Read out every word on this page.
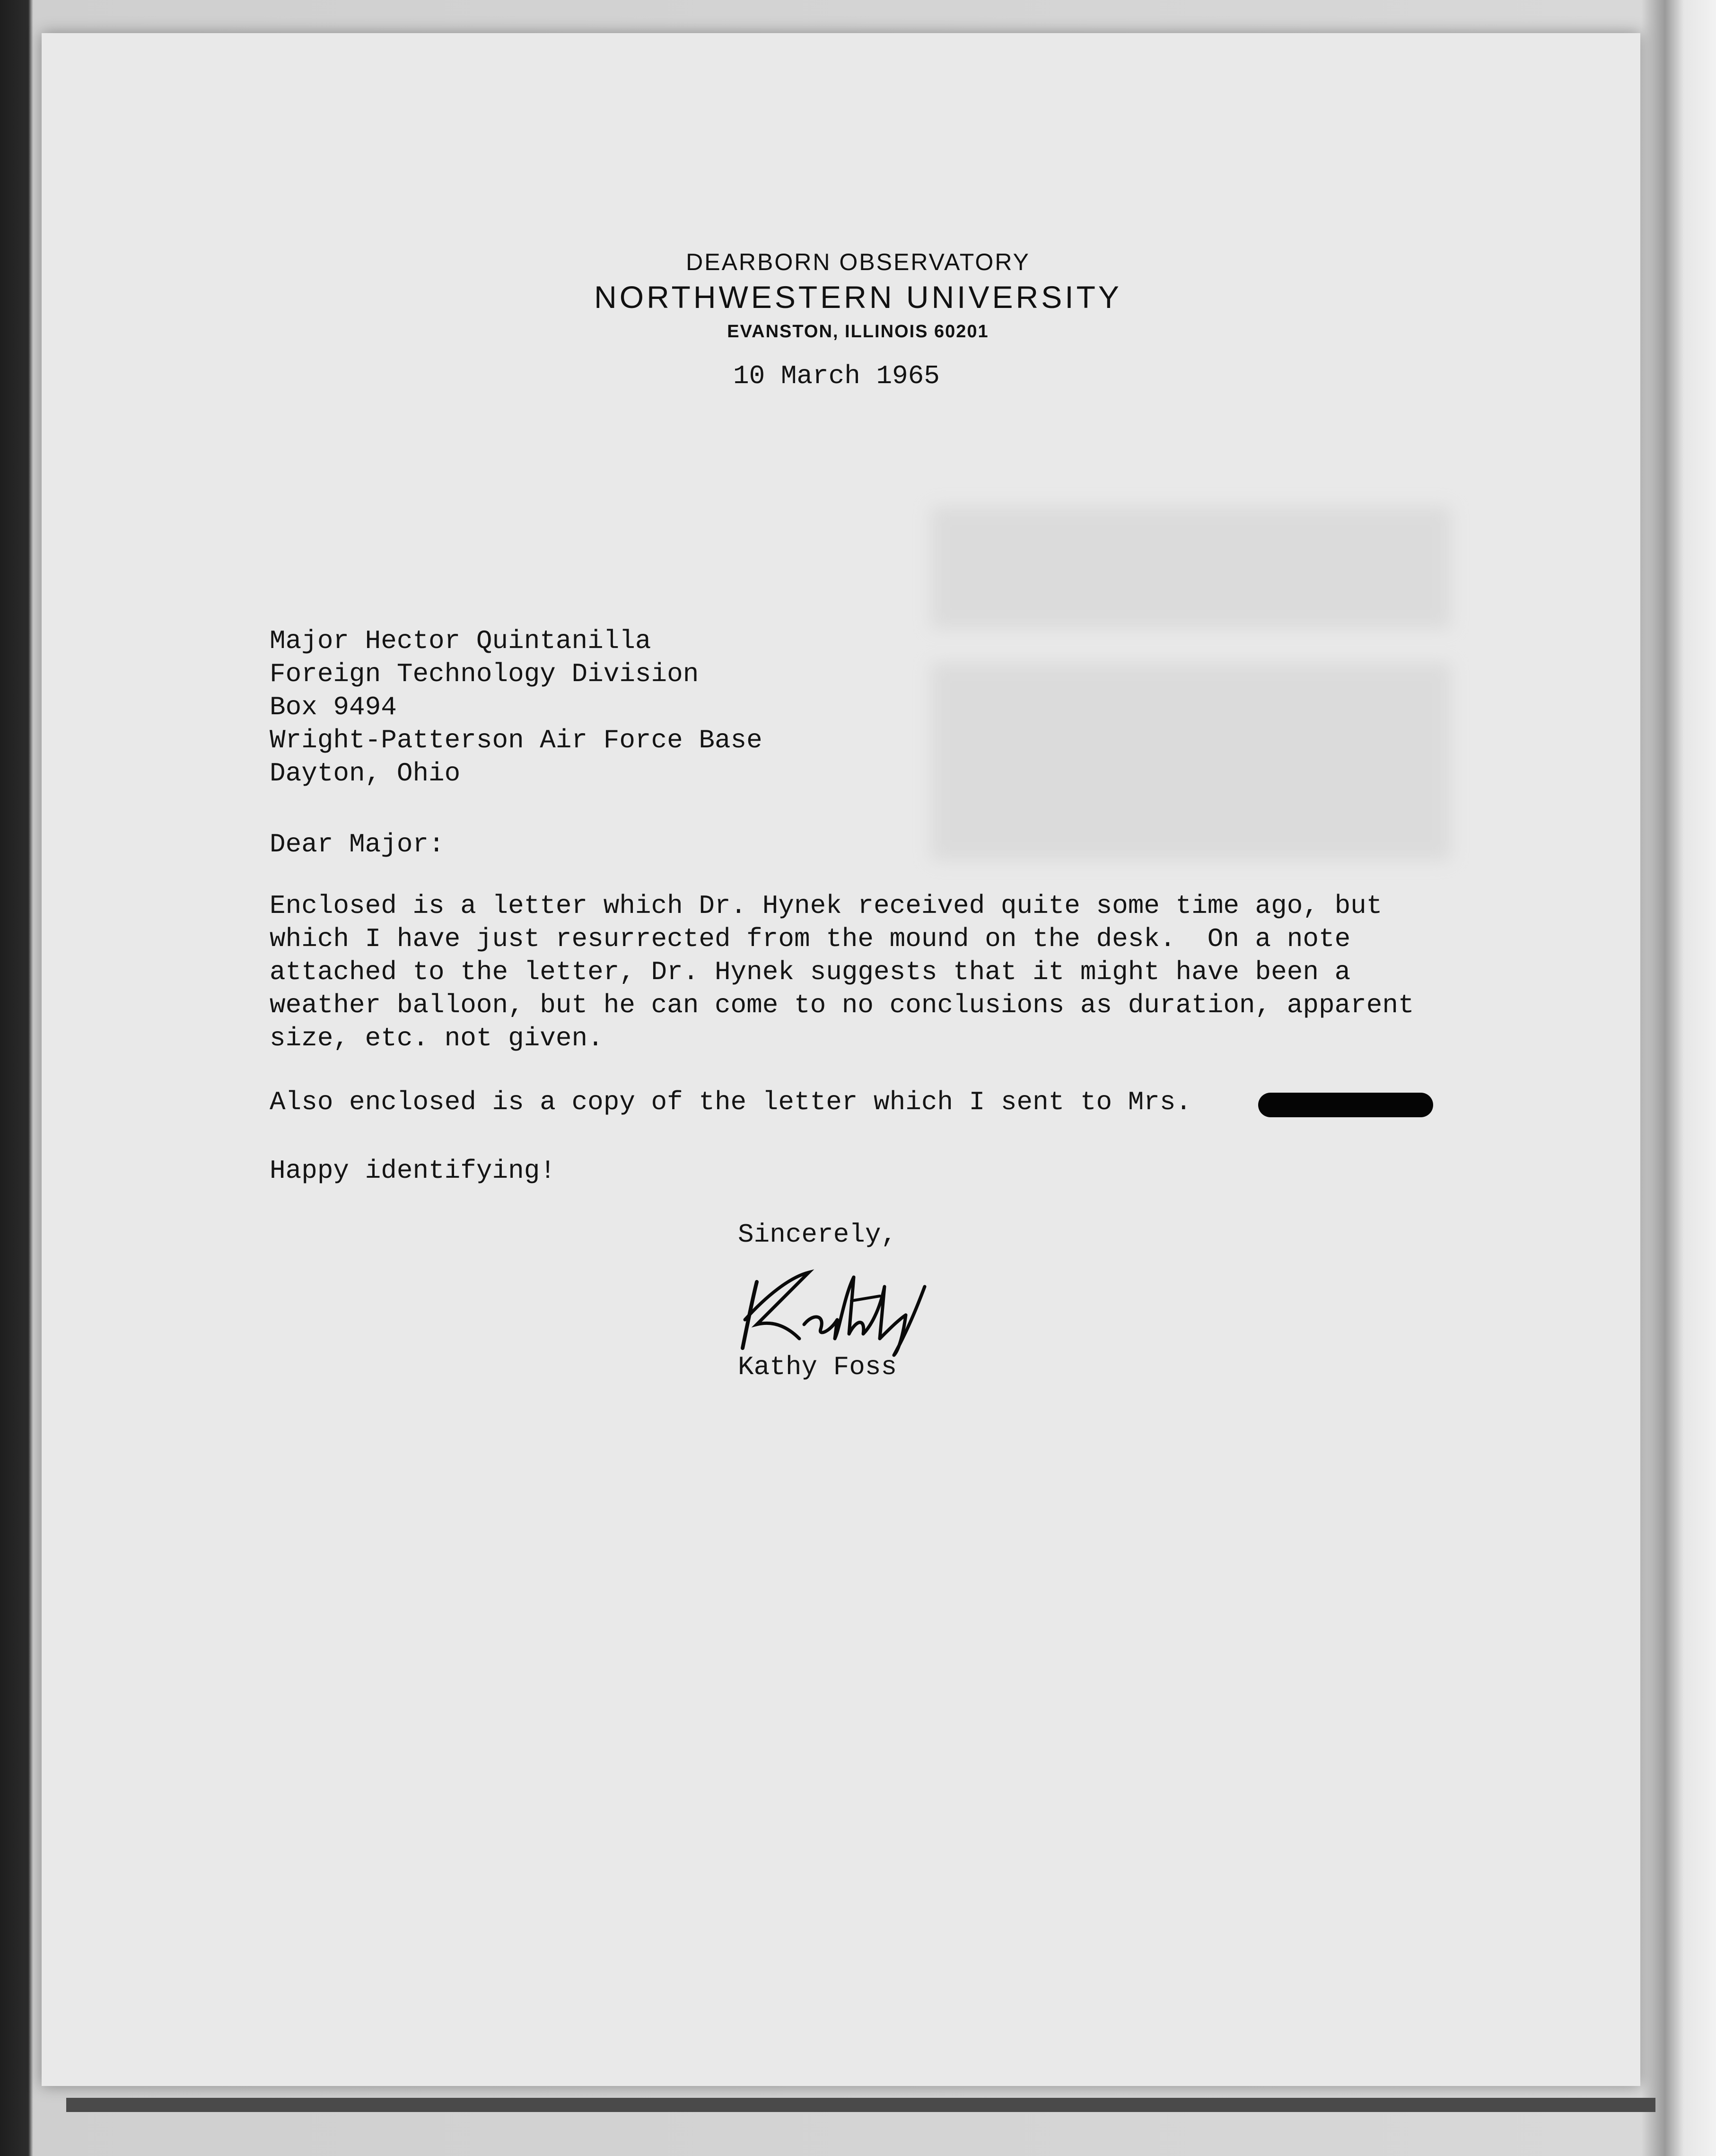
DEARBORN OBSERVATORY
NORTHWESTERN UNIVERSITY
EVANSTON, ILLINOIS 60201
10 March 1965
Major Hector Quintanilla
Foreign Technology Division
Box 9494
Wright-Patterson Air Force Base
Dayton, Ohio
Dear Major:
Enclosed is a letter which Dr. Hynek received quite some time ago, but
which I have just resurrected from the mound on the desk.  On a note
attached to the letter, Dr. Hynek suggests that it might have been a
weather balloon, but he can come to no conclusions as duration, apparent
size, etc. not given.
Also enclosed is a copy of the letter which I sent to Mrs.
Happy identifying!
Sincerely,
Kathy Foss
